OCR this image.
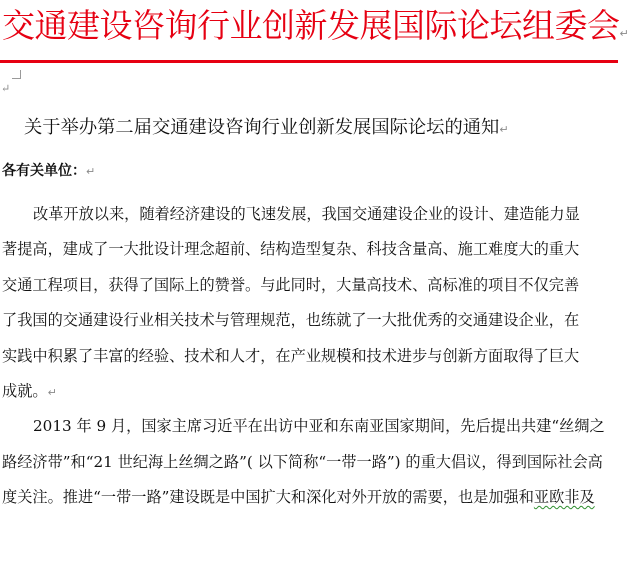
交通建设咨询行业创新发展国际论坛组委会↵
↵
关于举办第二届交通建设咨询行业创新发展国际论坛的通知↵
各有关单位：↵
改革开放以来，随着经济建设的飞速发展，我国交通建设企业的设计、建造能力显
著提高，建成了一大批设计理念超前、结构造型复杂、科技含量高、施工难度大的重大
交通工程项目，获得了国际上的赞誉。与此同时，大量高技术、高标准的项目不仅完善
了我国的交通建设行业相关技术与管理规范，也练就了一大批优秀的交通建设企业，在
实践中积累了丰富的经验、技术和人才，在产业规模和技术进步与创新方面取得了巨大
成就。↵
2013 年 9 月，国家主席习近平在出访中亚和东南亚国家期间，先后提出共建“丝绸之
路经济带”和“21 世纪海上丝绸之路”( 以下简称“一带一路”) 的重大倡议，得到国际社会高
度关注。推进“一带一路”建设既是中国扩大和深化对外开放的需要，也是加强和亚欧非及
